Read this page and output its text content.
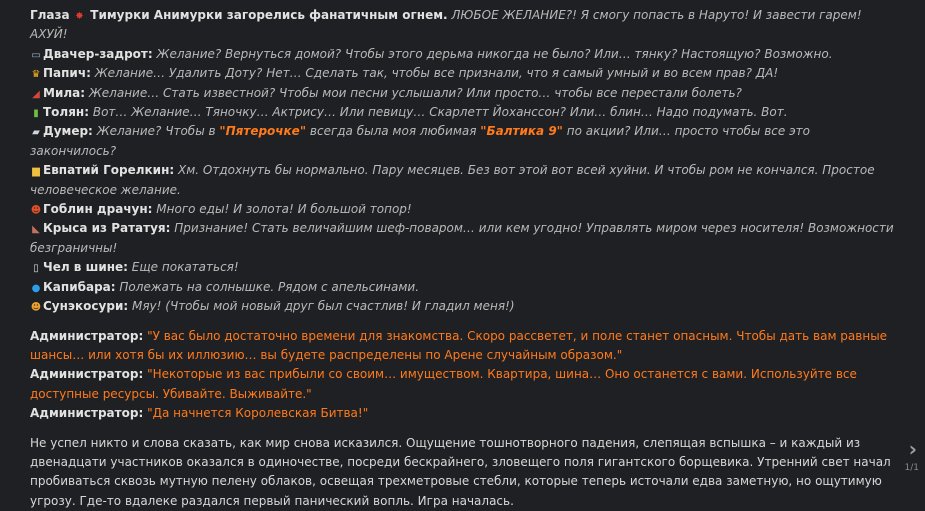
Глаза ✸ Тимурки Анимурки загорелись фанатичным огнем. ЛЮБОЕ ЖЕЛАНИЕ?! Я смогу попасть в Наруто! И завести гарем! АХУЙ!
▭ Двачер-задрот: Желание? Вернуться домой? Чтобы этого дерьма никогда не было? Или… тянку? Настоящую? Возможно.
♛ Папич: Желание… Удалить Доту? Нет… Сделать так, чтобы все признали, что я самый умный и во всем прав? ДА!
◢ Мила: Желание… Стать известной? Чтобы мои песни услышали? Или просто… чтобы все перестали болеть?
▮ Толян: Вот… Желание… Тяночку… Актрису… Или певицу… Скарлетт Йоханссон? Или… блин… Надо подумать. Вот.
▰ Думер: Желание? Чтобы в "Пятерочке" всегда была моя любимая "Балтика 9" по акции? Или… просто чтобы все это закончилось?
▆ Евпатий Горелкин: Хм. Отдохнуть бы нормально. Пару месяцев. Без вот этой вот всей хуйни. И чтобы ром не кончался. Простое человеческое желание.
☻ Гоблин драчун: Много еды! И золота! И большой топор!
◣ Крыса из Рататуя: Признание! Стать величайшим шеф-поваром… или кем угодно! Управлять миром через носителя! Возможности безграничны!
▯ Чел в шине: Еще покататься!
● Капибара: Полежать на солнышке. Рядом с апельсинами.
☻ Сунэкосури: Мяу! (Чтобы мой новый друг был счастлив! И гладил меня!)
Администратор: "У вас было достаточно времени для знакомства. Скоро рассветет, и поле станет опасным. Чтобы дать вам равные шансы… или хотя бы их иллюзию… вы будете распределены по Арене случайным образом."
Администратор: "Некоторые из вас прибыли со своим… имуществом. Квартира, шина… Оно останется с вами. Используйте все доступные ресурсы. Убивайте. Выживайте."
Администратор: "Да начнется Королевская Битва!"
Не успел никто и слова сказать, как мир снова исказился. Ощущение тошнотворного падения, слепящая вспышка – и каждый из двенадцати участников оказался в одиночестве, посреди бескрайнего, зловещего поля гигантского борщевика. Утренний свет начал пробиваться сквозь мутную пелену облаков, освещая трехметровые стебли, которые теперь источали едва заметную, но ощутимую угрозу. Где-то вдалеке раздался первый панический вопль. Игра началась.
›
1/1
